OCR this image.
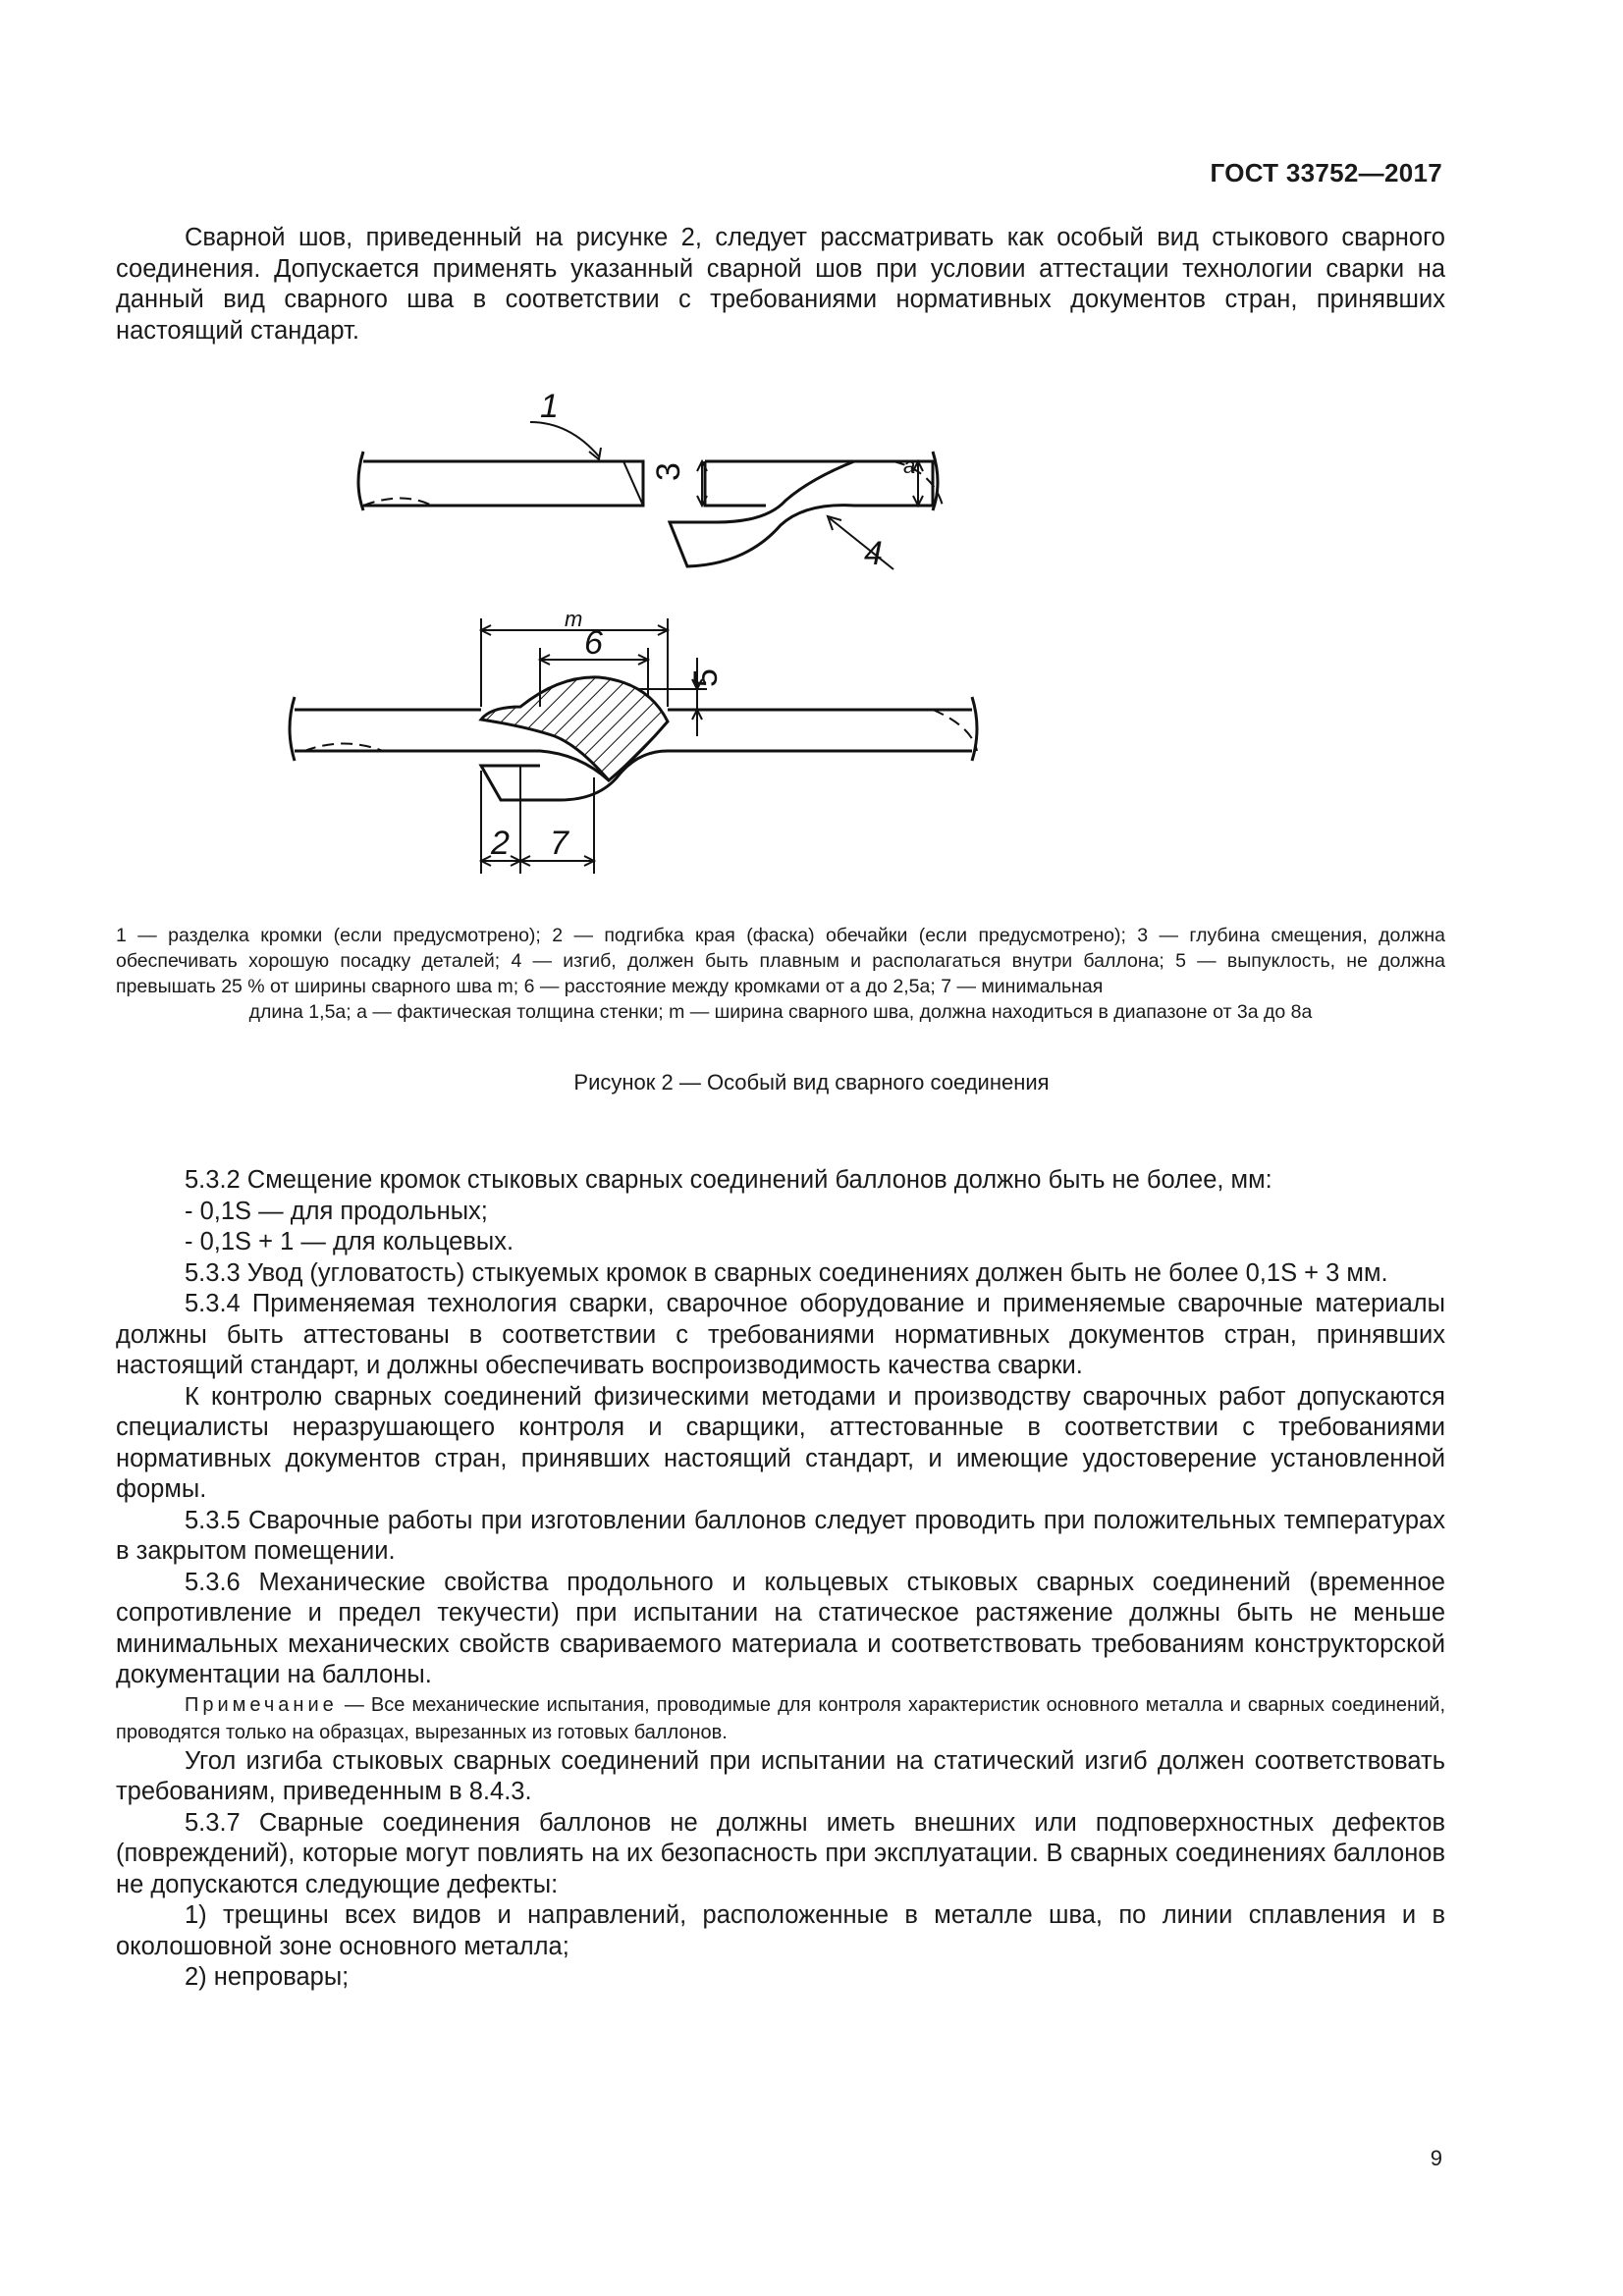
ГОСТ 33752—2017

Сварной шов, приведенный на рисунке 2, следует рассматривать как особый вид стыкового сварного соединения. Допускается применять указанный сварной шов при условии аттестации технологии сварки на данный вид сварного шва в соответствии с требованиями нормативных документов стран, принявших настоящий стандарт.

1
4
3	a
m
6
5
2 7
1 — разделка кромки (если предусмотрено); 2 — подгибка края (фаска) обечайки (если предусмотрено); 3 — глубина смещения, должна обеспечивать хорошую посадку деталей; 4 — изгиб, должен быть плавным и располагаться внутри баллона; 5 — выпуклость, не должна превышать 25 % от ширины сварного шва m; 6 — расстояние между кромками от a до 2,5a; 7 — минимальная
длина 1,5a; a — фактическая толщина стенки; m — ширина сварного шва, должна находиться в диапазоне от 3a до 8a
Рисунок 2 — Особый вид сварного соединения

5.3.2 Смещение кромок стыковых сварных соединений баллонов должно быть не более, мм:

- 0,1S — для продольных;

- 0,1S + 1 — для кольцевых.

5.3.3 Увод (угловатость) стыкуемых кромок в сварных соединениях должен быть не более 0,1S + 3 мм.

5.3.4 Применяемая технология сварки, сварочное оборудование и применяемые сварочные материалы должны быть аттестованы в соответствии с требованиями нормативных документов стран, принявших настоящий стандарт, и должны обеспечивать воспроизводимость качества сварки.

К контролю сварных соединений физическими методами и производству сварочных работ допускаются специалисты неразрушающего контроля и сварщики, аттестованные в соответствии с требованиями нормативных документов стран, принявших настоящий стандарт, и имеющие удостоверение установленной формы.

5.3.5 Сварочные работы при изготовлении баллонов следует проводить при положительных температурах в закрытом помещении.

5.3.6 Механические свойства продольного и кольцевых стыковых сварных соединений (временное сопротивление и предел текучести) при испытании на статическое растяжение должны быть не меньше минимальных механических свойств свариваемого материала и соответствовать требованиям конструкторской документации на баллоны.

Примечание — Все механические испытания, проводимые для контроля характеристик основного металла и сварных соединений, проводятся только на образцах, вырезанных из готовых баллонов.

Угол изгиба стыковых сварных соединений при испытании на статический изгиб должен соответствовать требованиям, приведенным в 8.4.3.

5.3.7 Сварные соединения баллонов не должны иметь внешних или подповерхностных дефектов (повреждений), которые могут повлиять на их безопасность при эксплуатации. В сварных соединениях баллонов не допускаются следующие дефекты:

1) трещины всех видов и направлений, расположенные в металле шва, по линии сплавления и в околошовной зоне основного металла;

2) непровары;

9
